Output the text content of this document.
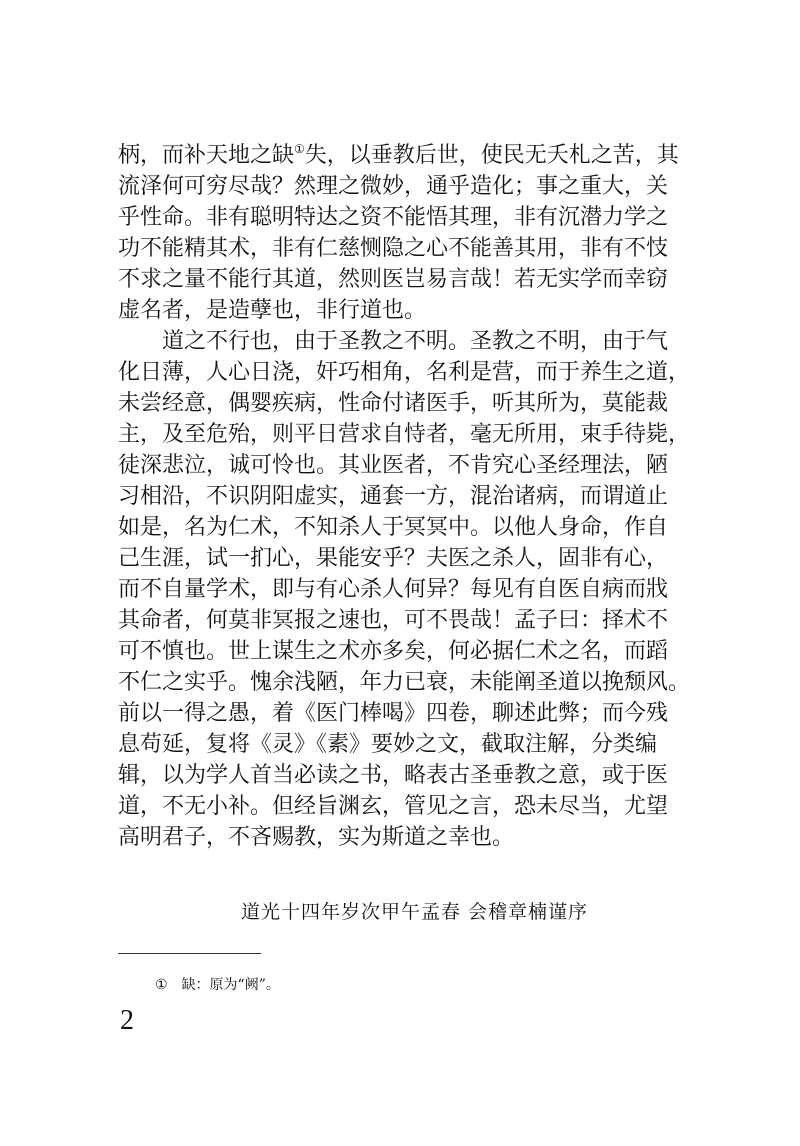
柄，而补天地之缺①失，以垂教后世，使民无夭札之苦，其
流泽何可穷尽哉？然理之微妙，通乎造化；事之重大，关
乎性命。非有聪明特达之资不能悟其理，非有沉潜力学之
功不能精其术，非有仁慈恻隐之心不能善其用，非有不忮
不求之量不能行其道，然则医岂易言哉！若无实学而幸窃
虚名者，是造孽也，非行道也。
道之不行也，由于圣教之不明。圣教之不明，由于气
化日薄，人心日浇，奸巧相角，名利是营，而于养生之道，
未尝经意，偶婴疾病，性命付诸医手，听其所为，莫能裁
主，及至危殆，则平日营求自恃者，毫无所用，束手待毙，
徒深悲泣，诚可怜也。其业医者，不肯究心圣经理法，陋
习相沿，不识阴阳虚实，通套一方，混治诸病，而谓道止
如是，名为仁术，不知杀人于冥冥中。以他人身命，作自
己生涯，试一扪心，果能安乎？夫医之杀人，固非有心，
而不自量学术，即与有心杀人何异？每见有自医自病而戕
其命者，何莫非冥报之速也，可不畏哉！孟子曰：择术不
可不慎也。世上谋生之术亦多矣，何必据仁术之名，而蹈
不仁之实乎。愧余浅陋，年力已衰，未能阐圣道以挽颓风。
前以一得之愚，着《医门棒喝》四卷，聊述此弊；而今残
息苟延，复将《灵》《素》要妙之文，截取注解，分类编
辑，以为学人首当必读之书，略表古圣垂教之意，或于医
道，不无小补。但经旨渊玄，管见之言，恐未尽当，尤望
高明君子，不吝赐教，实为斯道之幸也。
道光十四年岁次甲午孟春 会稽章楠谨序
① 缺：原为“阙”。
2
